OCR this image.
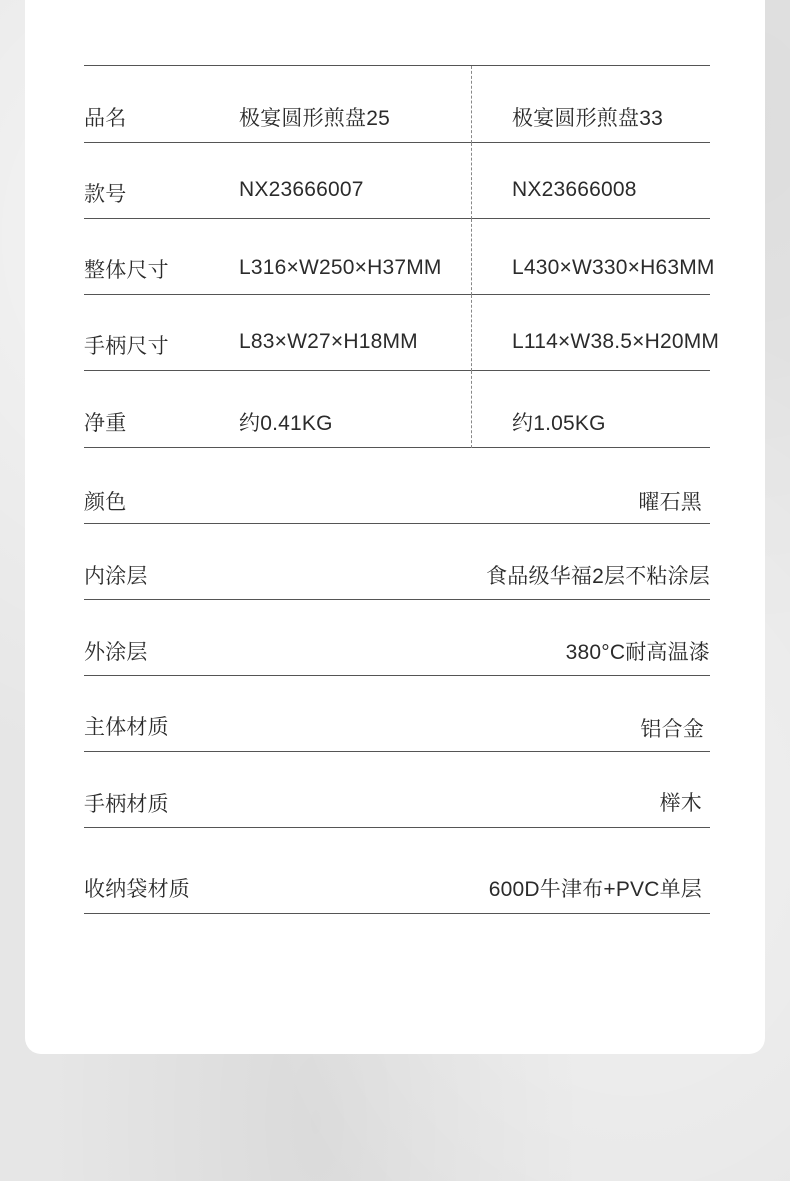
品名	极宴圆形煎盘25	极宴圆形煎盘33
款号	NX23666007	NX23666008
整体尺寸	L316×W250×H37MM	L430×W330×H63MM
手柄尺寸	L83×W27×H18MM	L114×W38.5×H20MM
净重	约0.41KG	约1.05KG
颜色	曜石黑
内涂层	食品级华福2层不粘涂层
外涂层	380°C耐高温漆
主体材质	铝合金
手柄材质	榉木
收纳袋材质	600D牛津布+PVC单层
